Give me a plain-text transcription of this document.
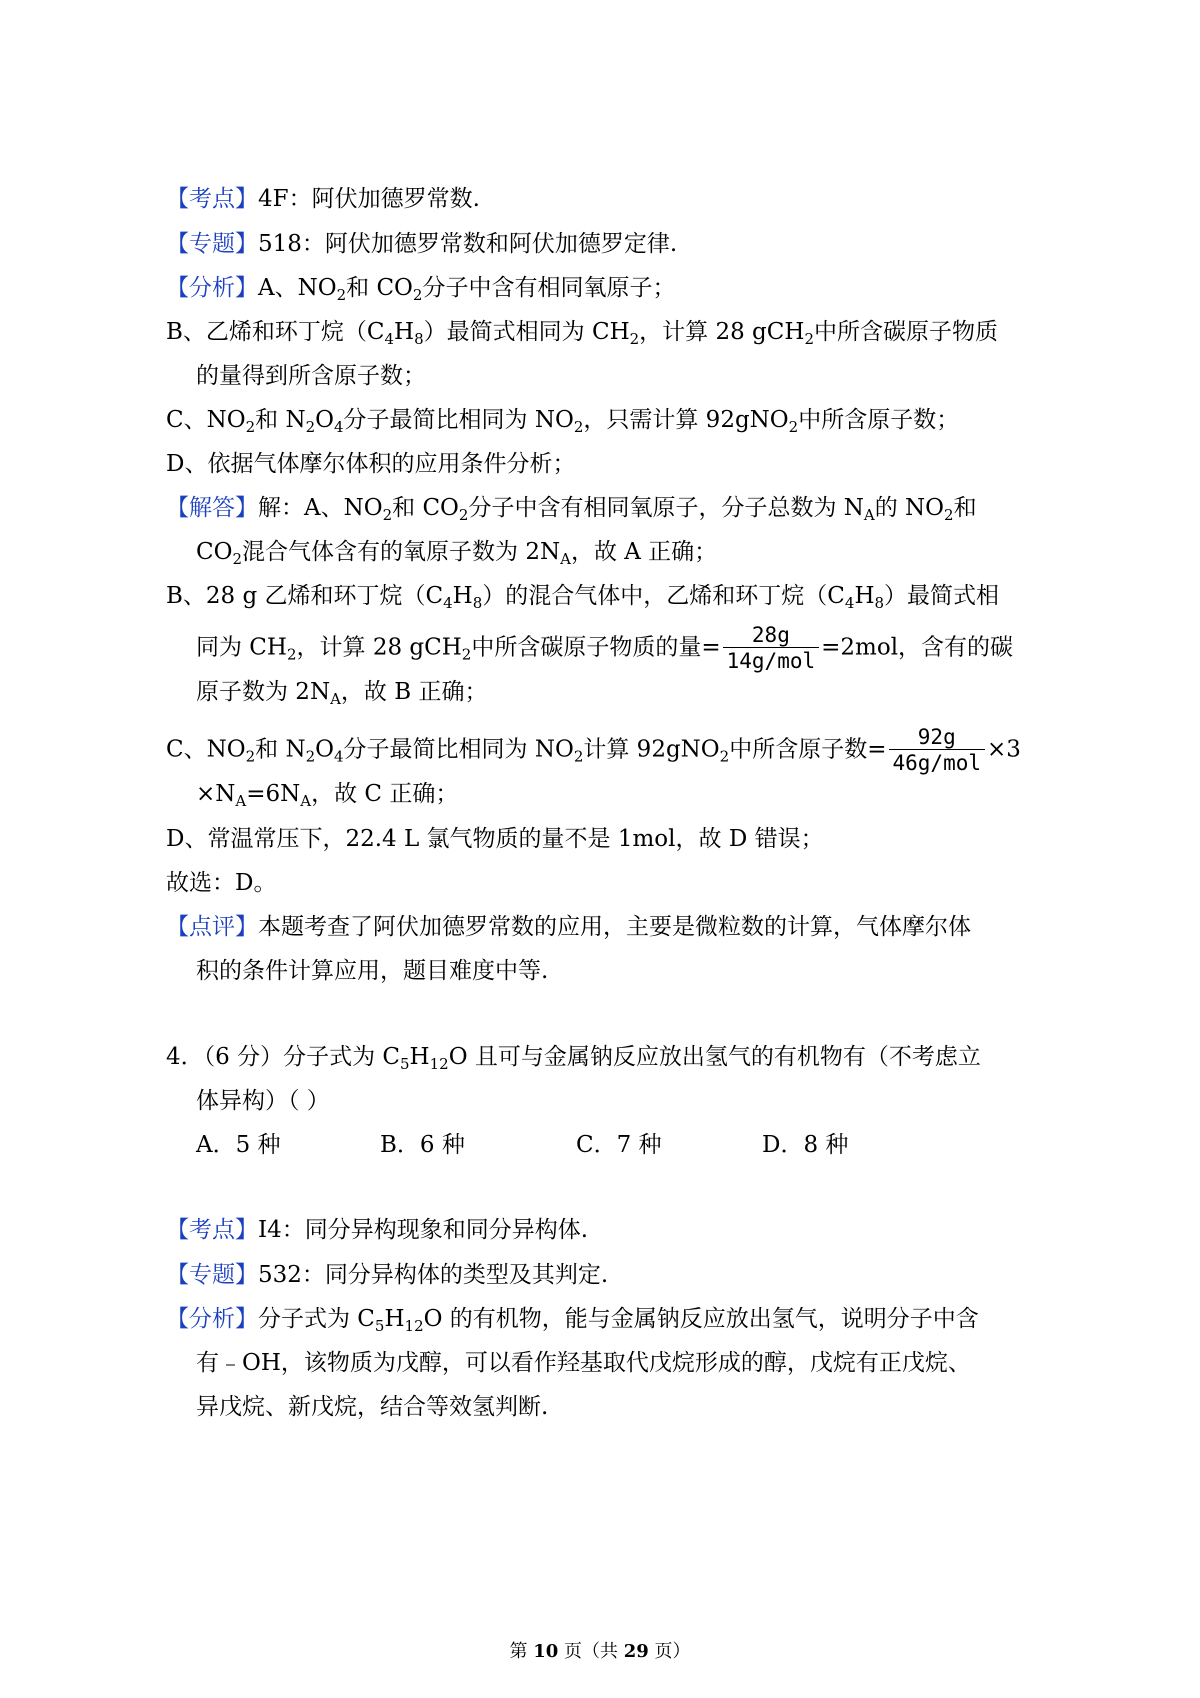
【考点】4F：阿伏加德罗常数.
【专题】518：阿伏加德罗常数和阿伏加德罗定律.
【分析】A、$NO_2$和 $CO_2$分子中含有相同氧原子；
B、乙烯和环丁烷$(C_4H_8)$最简式相同为 $CH_2$，计算 28 gCH$_2$中所含碳原子物质
的量得到所含原子数；
C、$NO_2$和 $N_2O_4$分子最简比相同为 $NO_2$，只需计算 92gNO$_2$中所含原子数；
D、依据气体摩尔体积的应用条件分析；
【解答】解：A、$NO_2$和 $CO_2$分子中含有相同氧原子，分子总数为 $N_A$的 $NO_2$和
$CO_2$混合气体含有的氧原子数为 $2N_A$，故 A 正确；
B、28 g 乙烯和环丁烷$(C_4H_8)$的混合气体中，乙烯和环丁烷$(C_4H_8)$最简式相
同为 $CH_2$，计算 28 gCH$_2$中所含碳原子物质的量= $\frac{28g}{\text{14g/mol}} =2mol$，含有的碳
原子数为 $2N_A$，故 B 正确；
C、$NO_2$和 $N_2O_4$分子最简比相同为 $NO_2$计算 92gNO$_2$中所含原子数= $\frac{92g}{\text{46g/mol}} \times 3$
$\times N_A=6N_A$，故 C 正确；
D、常温常压下，22.4 L 氯气物质的量不是 1mol，故 D 错误；
故选：D。
【点评】本题考查了阿伏加德罗常数的应用，主要是微粒数的计算，气体摩尔体
积的条件计算应用，题目难度中等.
4．（6 分）分子式为 $C_5H_{12}O$ 且可与金属钠反应放出氢气的有机物有（不考虑立
体异构）（ ）
A．5 种	B．6 种	C．7 种	D．8 种
【考点】I4：同分异构现象和同分异构体.
【专题】532：同分异构体的类型及其判定.
【分析】分子式为 $C_5H_{12}O$ 的有机物，能与金属钠反应放出氢气，说明分子中含
有﹣OH，该物质为戊醇，可以看作羟基取代戊烷形成的醇，戊烷有正戊烷、
异戊烷、新戊烷，结合等效氢判断.
第 10 页（共 29 页）
